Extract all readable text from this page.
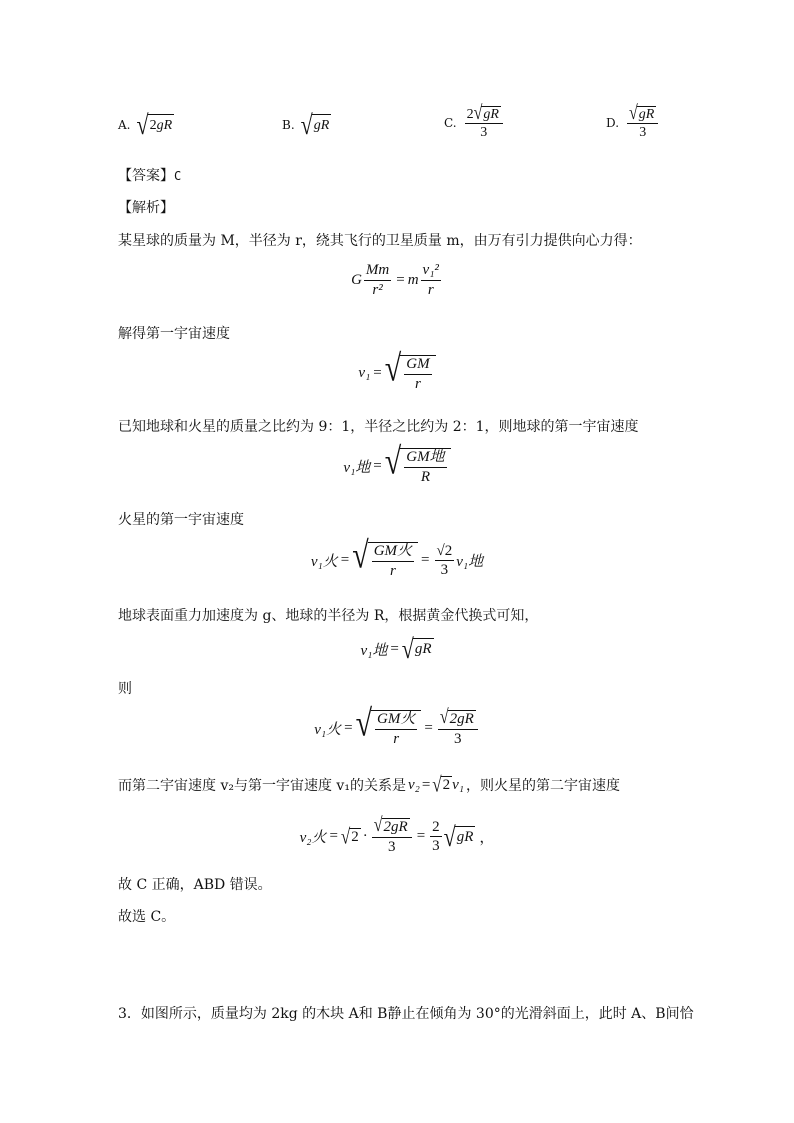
A. √ 2 gR	B. √ gR	C. $\frac{2 √ gR}{3}$	D. $\frac{√ gR}{3}$
【答案】C
【解析】
某星球的质量为 M，半径为 r，绕其飞行的卫星质量 m，由万有引力提供向心力得：
G $\frac{Mm}{\text{r²}} = m \frac{\text{v₁²}}{r}$
解得第一宇宙速度
v₁ = √ $\frac{GM}{r}$
已知地球和火星的质量之比约为 9：1，半径之比约为 2：1，则地球的第一宇宙速度
v₁地 = √ $\frac{\text{GM地}}{R}$
火星的第一宇宙速度
v₁火 = √ $\frac{\text{GM火}}{r} = \frac{√2}{3} v_1$地
地球表面重力加速度为 g、地球的半径为 R，根据黄金代换式可知，
v₁地 = √ gR
则
v₁火 = √ $\frac{\text{GM火}}{r} = \frac{√ 2gR}{3}$
而第二宇宙速度 v₂与第一宇宙速度 v₁的关系是 v₂ = √ 2 v₁ ，则火星的第二宇宙速度
v₂火 = √ $2 \cdot \frac{√ 2gR}{3} = \frac{2}{3}$ √ gR ，
故 C 正确，ABD 错误。
故选 C。
3．如图所示，质量均为 2kg 的木块 A和 B静止在倾角为 30°的光滑斜面上，此时 A、B间恰
